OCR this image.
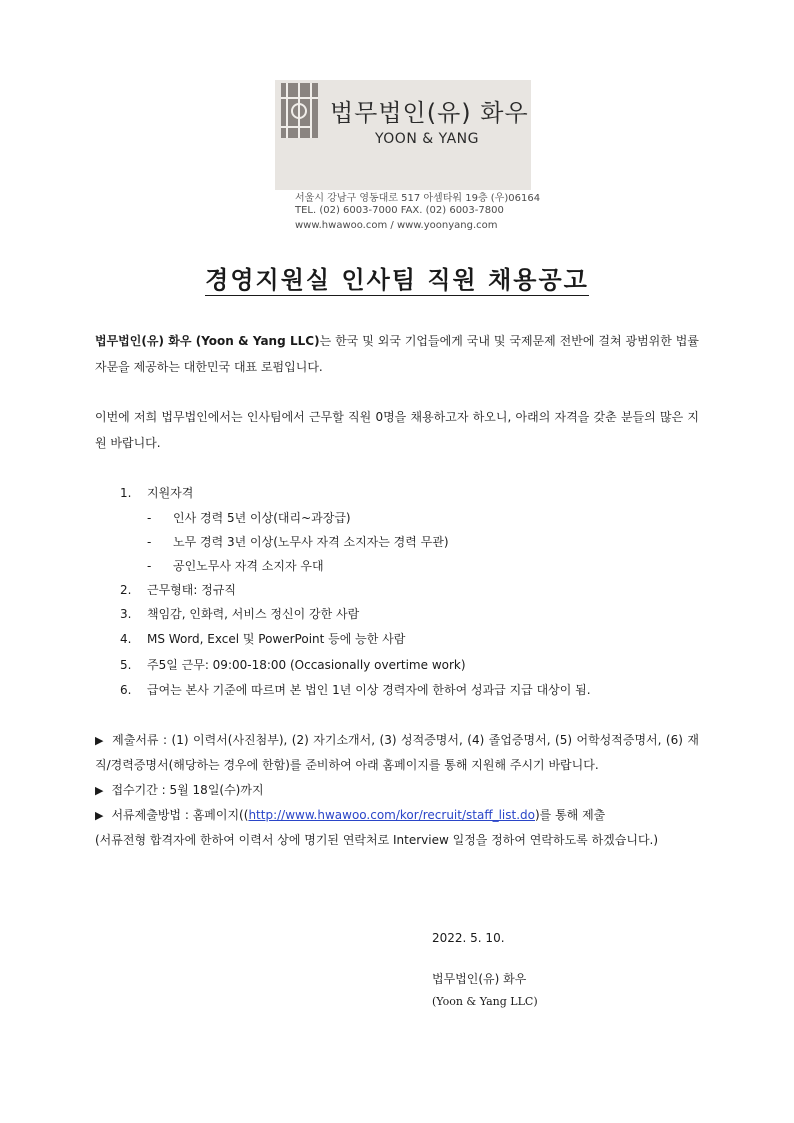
법무법인(유) 화우
YOON & YANG
서울시 강남구 영동대로 517 아셈타워 19층 (우)06164
TEL. (02) 6003-7000 FAX. (02) 6003-7800
www.hwawoo.com / www.yoonyang.com
경영지원실 인사팀 직원 채용공고
법무법인(유) 화우 (Yoon & Yang LLC)는 한국 및 외국 기업들에게 국내 및 국제문제 전반에 걸쳐 광범위한 법률자문을 제공하는 대한민국 대표 로펌입니다.
이번에 저희 법무법인에서는 인사팀에서 근무할 직원 0명을 채용하고자 하오니, 아래의 자격을 갖춘 분들의 많은 지원 바랍니다.
1. 지원자격
- 인사 경력 5년 이상(대리~과장급)
- 노무 경력 3년 이상(노무사 자격 소지자는 경력 무관)
- 공인노무사 자격 소지자 우대
2. 근무형태: 정규직
3. 책임감, 인화력, 서비스 정신이 강한 사람
4. MS Word, Excel 및 PowerPoint 등에 능한 사람
5. 주5일 근무: 09:00-18:00 (Occasionally overtime work)
6. 급여는 본사 기준에 따르며 본 법인 1년 이상 경력자에 한하여 성과급 지급 대상이 됨.
▶ 제출서류 : (1) 이력서(사진첨부), (2) 자기소개서, (3) 성적증명서, (4) 졸업증명서, (5) 어학성적증명서, (6) 재직/경력증명서(해당하는 경우에 한함)를 준비하여 아래 홈페이지를 통해 지원해 주시기 바랍니다.
▶ 접수기간 : 5월 18일(수)까지
▶ 서류제출방법 : 홈페이지((http://www.hwawoo.com/kor/recruit/staff_list.do)를 통해 제출
(서류전형 합격자에 한하여 이력서 상에 명기된 연락처로 Interview 일정을 정하여 연락하도록 하겠습니다.)
2022. 5. 10.
법무법인(유) 화우
(Yoon & Yang LLC)
